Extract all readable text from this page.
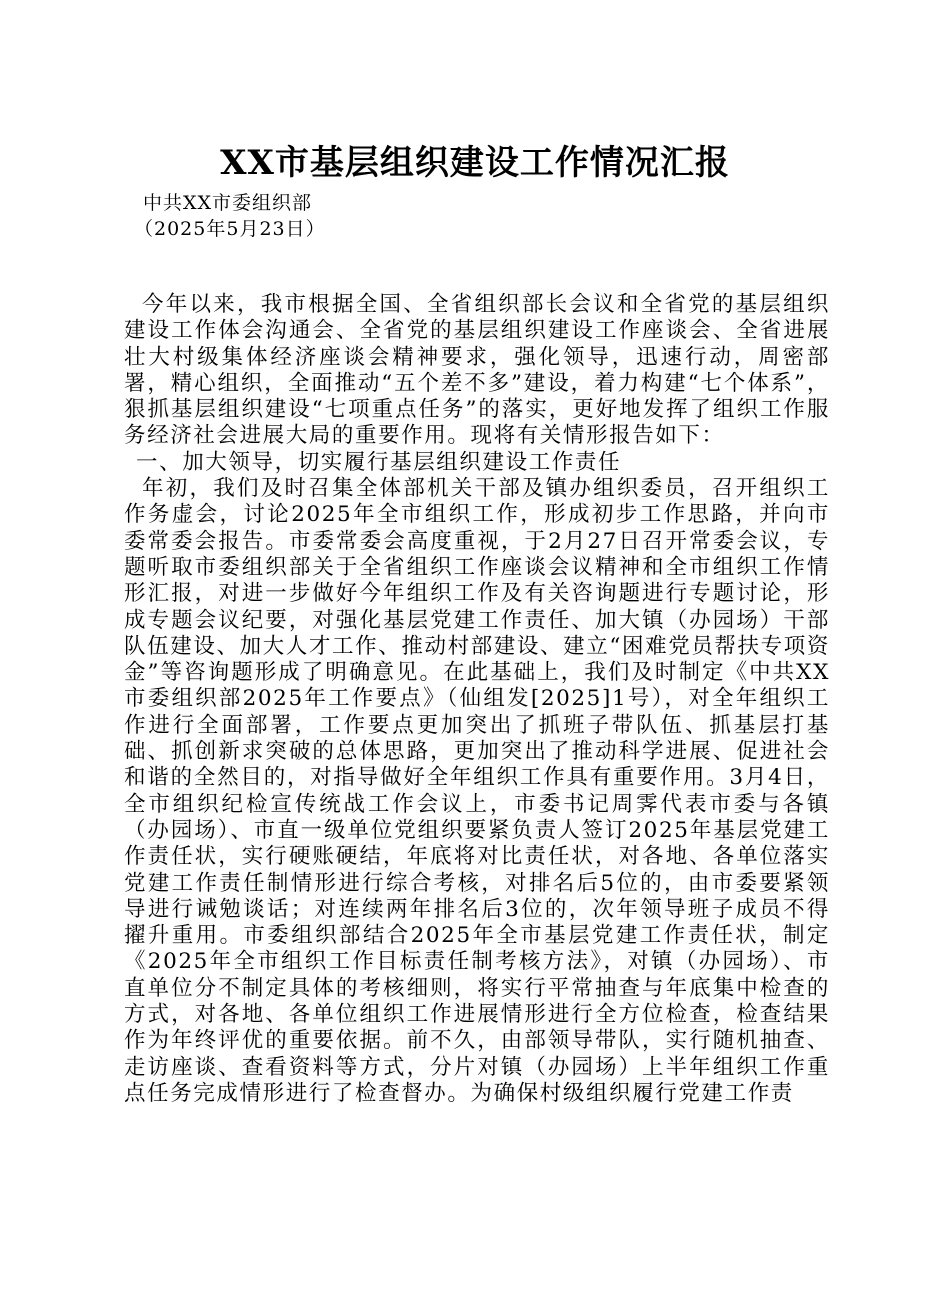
XX市基层组织建设工作情况汇报
中共XX市委组织部
（2025年5月23日）

今年以来，我市根据全国、全省组织部长会议和全省党的基层组织建设工作体会沟通会、全省党的基层组织建设工作座谈会、全省进展壮大村级集体经济座谈会精神要求，强化领导，迅速行动，周密部署，精心组织，全面推动“五个差不多”建设，着力构建“七个体系”，狠抓基层组织建设“七项重点任务”的落实，更好地发挥了组织工作服务经济社会进展大局的重要作用。现将有关情形报告如下：

一、加大领导，切实履行基层组织建设工作责任

年初，我们及时召集全体部机关干部及镇办组织委员，召开组织工作务虚会，讨论2025年全市组织工作，形成初步工作思路，并向市委常委会报告。市委常委会高度重视，于2月27日召开常委会议，专题听取市委组织部关于全省组织工作座谈会议精神和全市组织工作情形汇报，对进一步做好今年组织工作及有关咨询题进行专题讨论，形成专题会议纪要，对强化基层党建工作责任、加大镇（办园场）干部队伍建设、加大人才工作、推动村部建设、建立“困难党员帮扶专项资金”等咨询题形成了明确意见。在此基础上，我们及时制定《中共XX市委组织部2025年工作要点》（仙组发[2025]1号），对全年组织工作进行全面部署，工作要点更加突出了抓班子带队伍、抓基层打基础、抓创新求突破的总体思路，更加突出了推动科学进展、促进社会和谐的全然目的，对指导做好全年组织工作具有重要作用。3月4日，全市组织纪检宣传统战工作会议上，市委书记周霁代表市委与各镇（办园场）、市直一级单位党组织要紧负责人签订2025年基层党建工作责任状，实行硬账硬结，年底将对比责任状，对各地、各单位落实党建工作责任制情形进行综合考核，对排名后5位的，由市委要紧领导进行诫勉谈话；对连续两年排名后3位的，次年领导班子成员不得擢升重用。市委组织部结合2025年全市基层党建工作责任状，制定《2025年全市组织工作目标责任制考核方法》，对镇（办园场）、市直单位分不制定具体的考核细则，将实行平常抽查与年底集中检查的方式，对各地、各单位组织工作进展情形进行全方位检查，检查结果作为年终评优的重要依据。前不久，由部领导带队，实行随机抽查、走访座谈、查看资料等方式，分片对镇（办园场）上半年组织工作重点任务完成情形进行了检查督办。为确保村级组织履行党建工作责
